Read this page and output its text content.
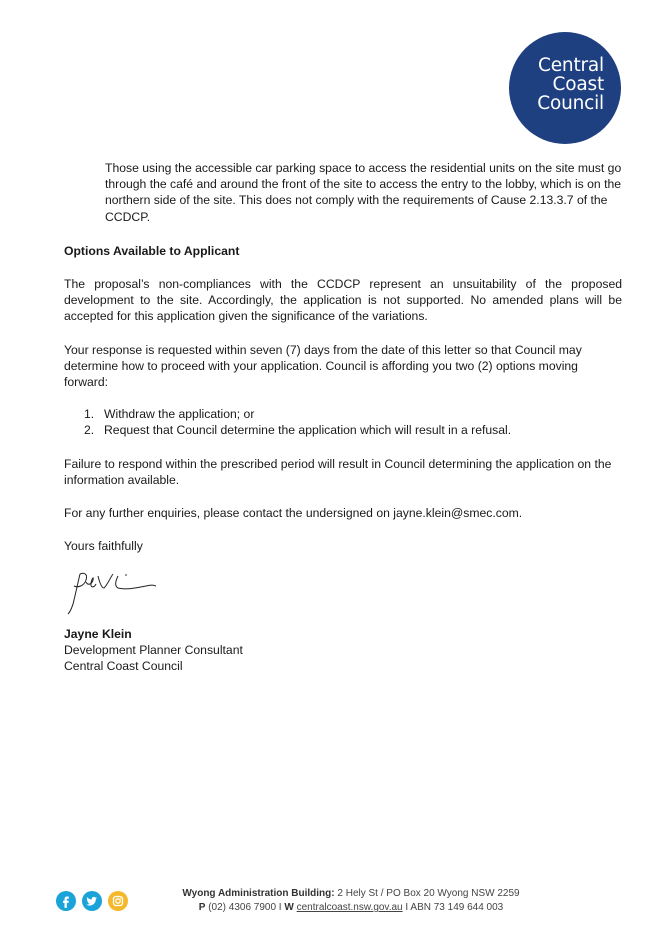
Central
Coast
Council

Those using the accessible car parking space to access the residential units on the site must go through the café and around the front of the site to access the entry to the lobby, which is on the northern side of the site. This does not comply with the requirements of Cause 2.13.3.7 of the CCDCP.

Options Available to Applicant

The proposal’s non-compliances with the CCDCP represent an unsuitability of the proposed development to the site. Accordingly, the application is not supported. No amended plans will be accepted for this application given the significance of the variations.

Your response is requested within seven (7) days from the date of this letter so that Council may determine how to proceed with your application. Council is affording you two (2) options moving forward:

1. Withdraw the application; or
2. Request that Council determine the application which will result in a refusal.

Failure to respond within the prescribed period will result in Council determining the application on the information available.

For any further enquiries, please contact the undersigned on jayne.klein@smec.com.

Yours faithfully

Jayne Klein

Development Planner Consultant

Central Coast Council

Wyong Administration Building: 2 Hely St / PO Box 20 Wyong NSW 2259
P (02) 4306 7900 I W centralcoast.nsw.gov.au I ABN 73 149 644 003
